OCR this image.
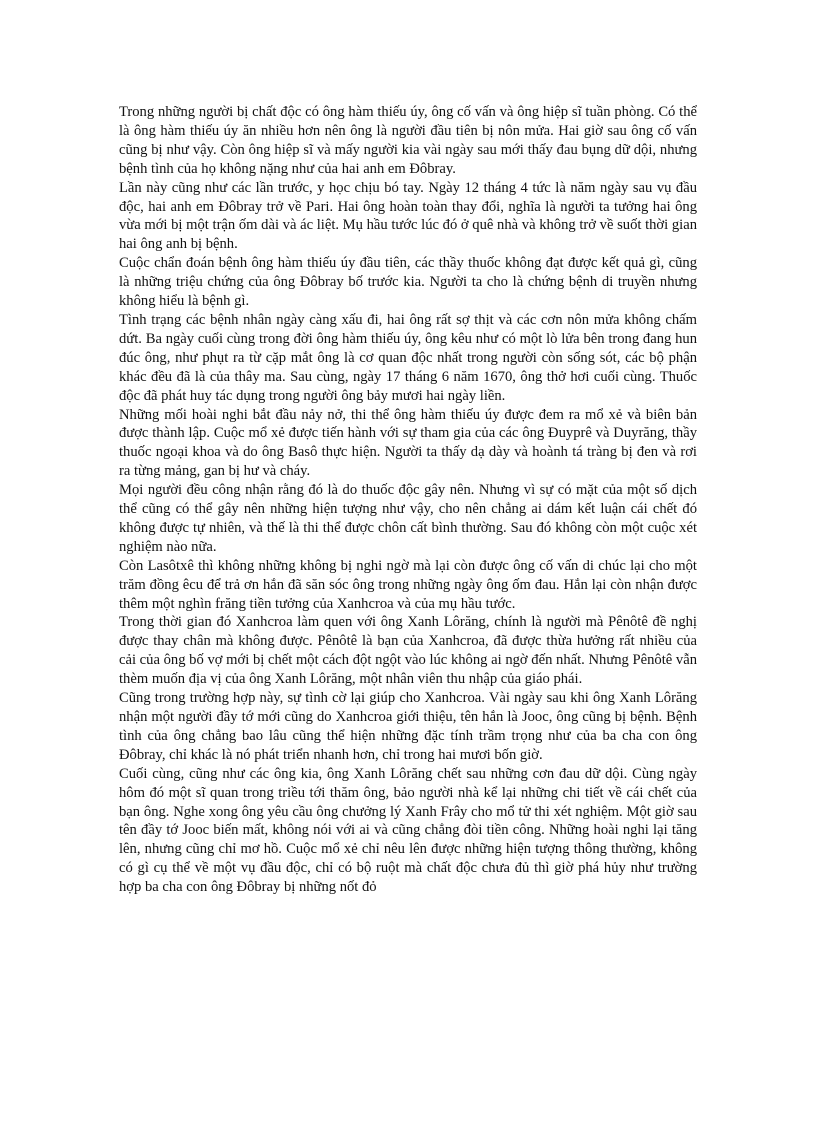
Trong những người bị chất độc có ông hàm thiếu úy, ông cố vấn và ông hiệp sĩ tuần phòng. Có thể là ông hàm thiếu úy ăn nhiều hơn nên ông là người đầu tiên bị nôn mửa. Hai giờ sau ông cố vấn cũng bị như vậy. Còn ông hiệp sĩ và mấy người kia vài ngày sau mới thấy đau bụng dữ dội, nhưng bệnh tình của họ không nặng như của hai anh em Đôbray.

Lần này cũng như các lần trước, y học chịu bó tay. Ngày 12 tháng 4 tức là năm ngày sau vụ đầu độc, hai anh em Đôbray trở về Pari. Hai ông hoàn toàn thay đổi, nghĩa là người ta tưởng hai ông vừa mới bị một trận ốm dài và ác liệt. Mụ hầu tước lúc đó ở quê nhà và không trở về suốt thời gian hai ông anh bị bệnh.

Cuộc chẩn đoán bệnh ông hàm thiếu úy đầu tiên, các thầy thuốc không đạt được kết quả gì, cũng là những triệu chứng của ông Đôbray bố trước kia. Người ta cho là chứng bệnh di truyền nhưng không hiểu là bệnh gì.

Tình trạng các bệnh nhân ngày càng xấu đi, hai ông rất sợ thịt và các cơn nôn mửa không chấm dứt. Ba ngày cuối cùng trong đời ông hàm thiếu úy, ông kêu như có một lò lửa bên trong đang hun đúc ông, như phụt ra từ cặp mắt ông là cơ quan độc nhất trong người còn sống sót, các bộ phận khác đều đã là của thây ma. Sau cùng, ngày 17 tháng 6 năm 1670, ông thở hơi cuối cùng. Thuốc độc đã phát huy tác dụng trong người ông bảy mươi hai ngày liền.

Những mối hoài nghi bắt đầu nảy nở, thi thể ông hàm thiếu úy được đem ra mổ xẻ và biên bản được thành lập. Cuộc mổ xẻ được tiến hành với sự tham gia của các ông Đuyprê và Duyrăng, thầy thuốc ngoại khoa và do ông Basô thực hiện. Người ta thấy dạ dày và hoành tá tràng bị đen và rơi ra từng mảng, gan bị hư và cháy.

Mọi người đều công nhận rằng đó là do thuốc độc gây nên. Nhưng vì sự có mặt của một số dịch thể cũng có thể gây nên những hiện tượng như vậy, cho nên chẳng ai dám kết luận cái chết đó không được tự nhiên, và thế là thi thể được chôn cất bình thường. Sau đó không còn một cuộc xét nghiệm nào nữa.

Còn Lasôtxê thì không những không bị nghi ngờ mà lại còn được ông cố vấn di chúc lại cho một trăm đồng êcu để trả ơn hắn đã săn sóc ông trong những ngày ông ốm đau. Hắn lại còn nhận được thêm một nghìn frăng tiền tưởng của Xanhcroa và của mụ hầu tước.

Trong thời gian đó Xanhcroa làm quen với ông Xanh Lôrăng, chính là người mà Pênôtê đề nghị được thay chân mà không được. Pênôtê là bạn của Xanhcroa, đã được thừa hưởng rất nhiều của cải của ông bố vợ mới bị chết một cách đột ngột vào lúc không ai ngờ đến nhất. Nhưng Pênôtê vẫn thèm muốn địa vị của ông Xanh Lôrăng, một nhân viên thu nhập của giáo phái.

Cũng trong trường hợp này, sự tình cờ lại giúp cho Xanhcroa. Vài ngày sau khi ông Xanh Lôrăng nhận một người đầy tớ mới cũng do Xanhcroa giới thiệu, tên hắn là Jooc, ông cũng bị bệnh. Bệnh tình của ông chẳng bao lâu cũng thể hiện những đặc tính trầm trọng như của ba cha con ông Đôbray, chỉ khác là nó phát triển nhanh hơn, chỉ trong hai mươi bốn giờ.

Cuối cùng, cũng như các ông kia, ông Xanh Lôrăng chết sau những cơn đau dữ dội. Cùng ngày hôm đó một sĩ quan trong triều tới thăm ông, bảo người nhà kể lại những chi tiết về cái chết của bạn ông. Nghe xong ông yêu cầu ông chưởng lý Xanh Frây cho mổ tử thi xét nghiệm. Một giờ sau tên đầy tớ Jooc biến mất, không nói với ai và cũng chẳng đòi tiền công. Những hoài nghi lại tăng lên, nhưng cũng chỉ mơ hồ. Cuộc mổ xẻ chỉ nêu lên được những hiện tượng thông thường, không có gì cụ thể về một vụ đầu độc, chỉ có bộ ruột mà chất độc chưa đủ thì giờ phá hủy như trường hợp ba cha con ông Đôbray bị những nốt đỏ
